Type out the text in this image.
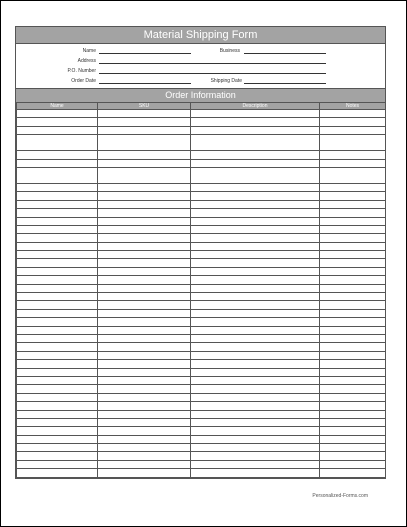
Material Shipping Form
Name	Business
Address
P.O. Number
Order Date	Shipping Date
Order Information
Name	SKU	Description	Notes

Personalized-Forms.com
